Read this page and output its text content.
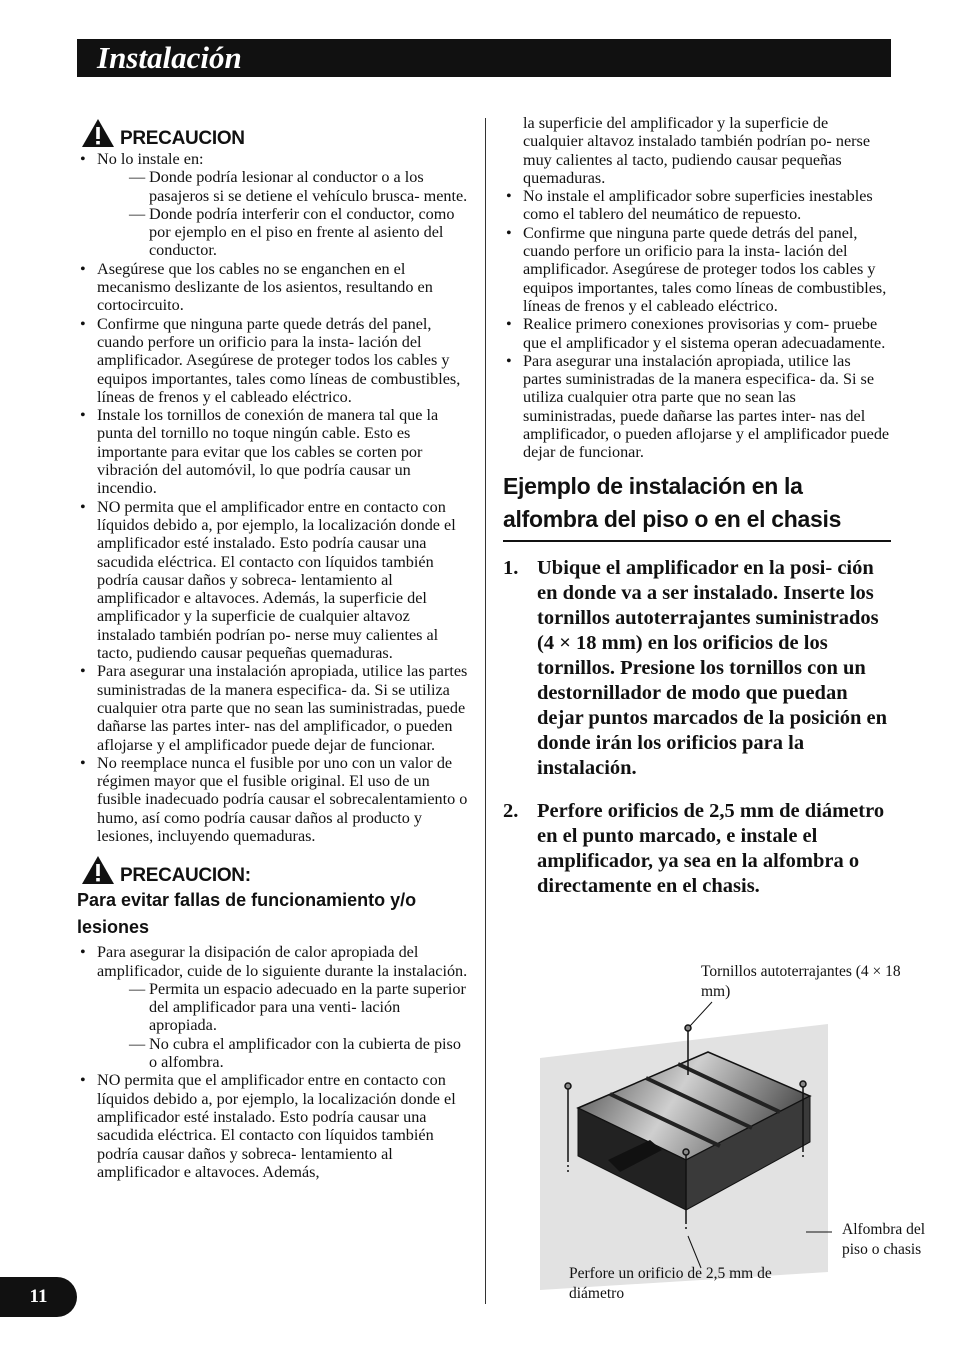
Instalación
PRECAUCION
• No lo instale en:
— Donde podría lesionar al conductor o a los pasajeros si se detiene el vehículo brusca- mente.
— Donde podría interferir con el conductor, como por ejemplo en el piso en frente al asiento del conductor.
• Asegúrese que los cables no se enganchen en el mecanismo deslizante de los asientos, resultando en cortocircuito.
• Confirme que ninguna parte quede detrás del panel, cuando perfore un orificio para la insta- lación del amplificador. Asegúrese de proteger todos los cables y equipos importantes, tales como líneas de combustibles, líneas de frenos y el cableado eléctrico.
• Instale los tornillos de conexión de manera tal que la punta del tornillo no toque ningún cable. Esto es importante para evitar que los cables se corten por vibración del automóvil, lo que podría causar un incendio.
• NO permita que el amplificador entre en contacto con líquidos debido a, por ejemplo, la localización donde el amplificador esté instalado. Esto podría causar una sacudida eléctrica. El contacto con líquidos también podría causar daños y sobreca- lentamiento al amplificador e altavoces. Además, la superficie del amplificador y la superficie de cualquier altavoz instalado también podrían po- nerse muy calientes al tacto, pudiendo causar pequeñas quemaduras.
• Para asegurar una instalación apropiada, utilice las partes suministradas de la manera especifica- da. Si se utiliza cualquier otra parte que no sean las suministradas, puede dañarse las partes inter- nas del amplificador, o pueden aflojarse y el amplificador puede dejar de funcionar.
• No reemplace nunca el fusible por uno con un valor de régimen mayor que el fusible original. El uso de un fusible inadecuado podría causar el sobrecalentamiento o humo, así como podría causar daños al producto y lesiones, incluyendo quemaduras.
PRECAUCION:
Para evitar fallas de funcionamiento y/o lesiones
• Para asegurar la disipación de calor apropiada del amplificador, cuide de lo siguiente durante la instalación.
— Permita un espacio adecuado en la parte superior del amplificador para una venti- lación apropiada.
— No cubra el amplificador con la cubierta de piso o alfombra.
• NO permita que el amplificador entre en contacto con líquidos debido a, por ejemplo, la localización donde el amplificador esté instalado. Esto podría causar una sacudida eléctrica. El contacto con líquidos también podría causar daños y sobreca- lentamiento al amplificador e altavoces. Además,
la superficie del amplificador y la superficie de cualquier altavoz instalado también podrían po- nerse muy calientes al tacto, pudiendo causar pequeñas quemaduras.
• No instale el amplificador sobre superficies inestables como el tablero del neumático de repuesto.
• Confirme que ninguna parte quede detrás del panel, cuando perfore un orificio para la insta- lación del amplificador. Asegúrese de proteger todos los cables y equipos importantes, tales como líneas de combustibles, líneas de frenos y el cableado eléctrico.
• Realice primero conexiones provisorias y com- pruebe que el amplificador y el sistema operan adecuadamente.
• Para asegurar una instalación apropiada, utilice las partes suministradas de la manera especifica- da. Si se utiliza cualquier otra parte que no sean las suministradas, puede dañarse las partes inter- nas del amplificador, o pueden aflojarse y el amplificador puede dejar de funcionar.
Ejemplo de instalación en la alfombra del piso o en el chasis
1. Ubique el amplificador en la posi- ción en donde va a ser instalado. Inserte los tornillos autoterrajantes suministrados (4 × 18 mm) en los orificios de los tornillos. Presione los tornillos con un destornillador de modo que puedan dejar puntos marcados de la posición en donde irán los orificios para la instalación.
2. Perfore orificios de 2,5 mm de diámetro en el punto marcado, e instale el amplificador, ya sea en la alfombra o directamente en el chasis.
Tornillos autoterrajantes (4 × 18 mm)
Alfombra del piso o chasis
Perfore un orificio de 2,5 mm de diámetro
11
